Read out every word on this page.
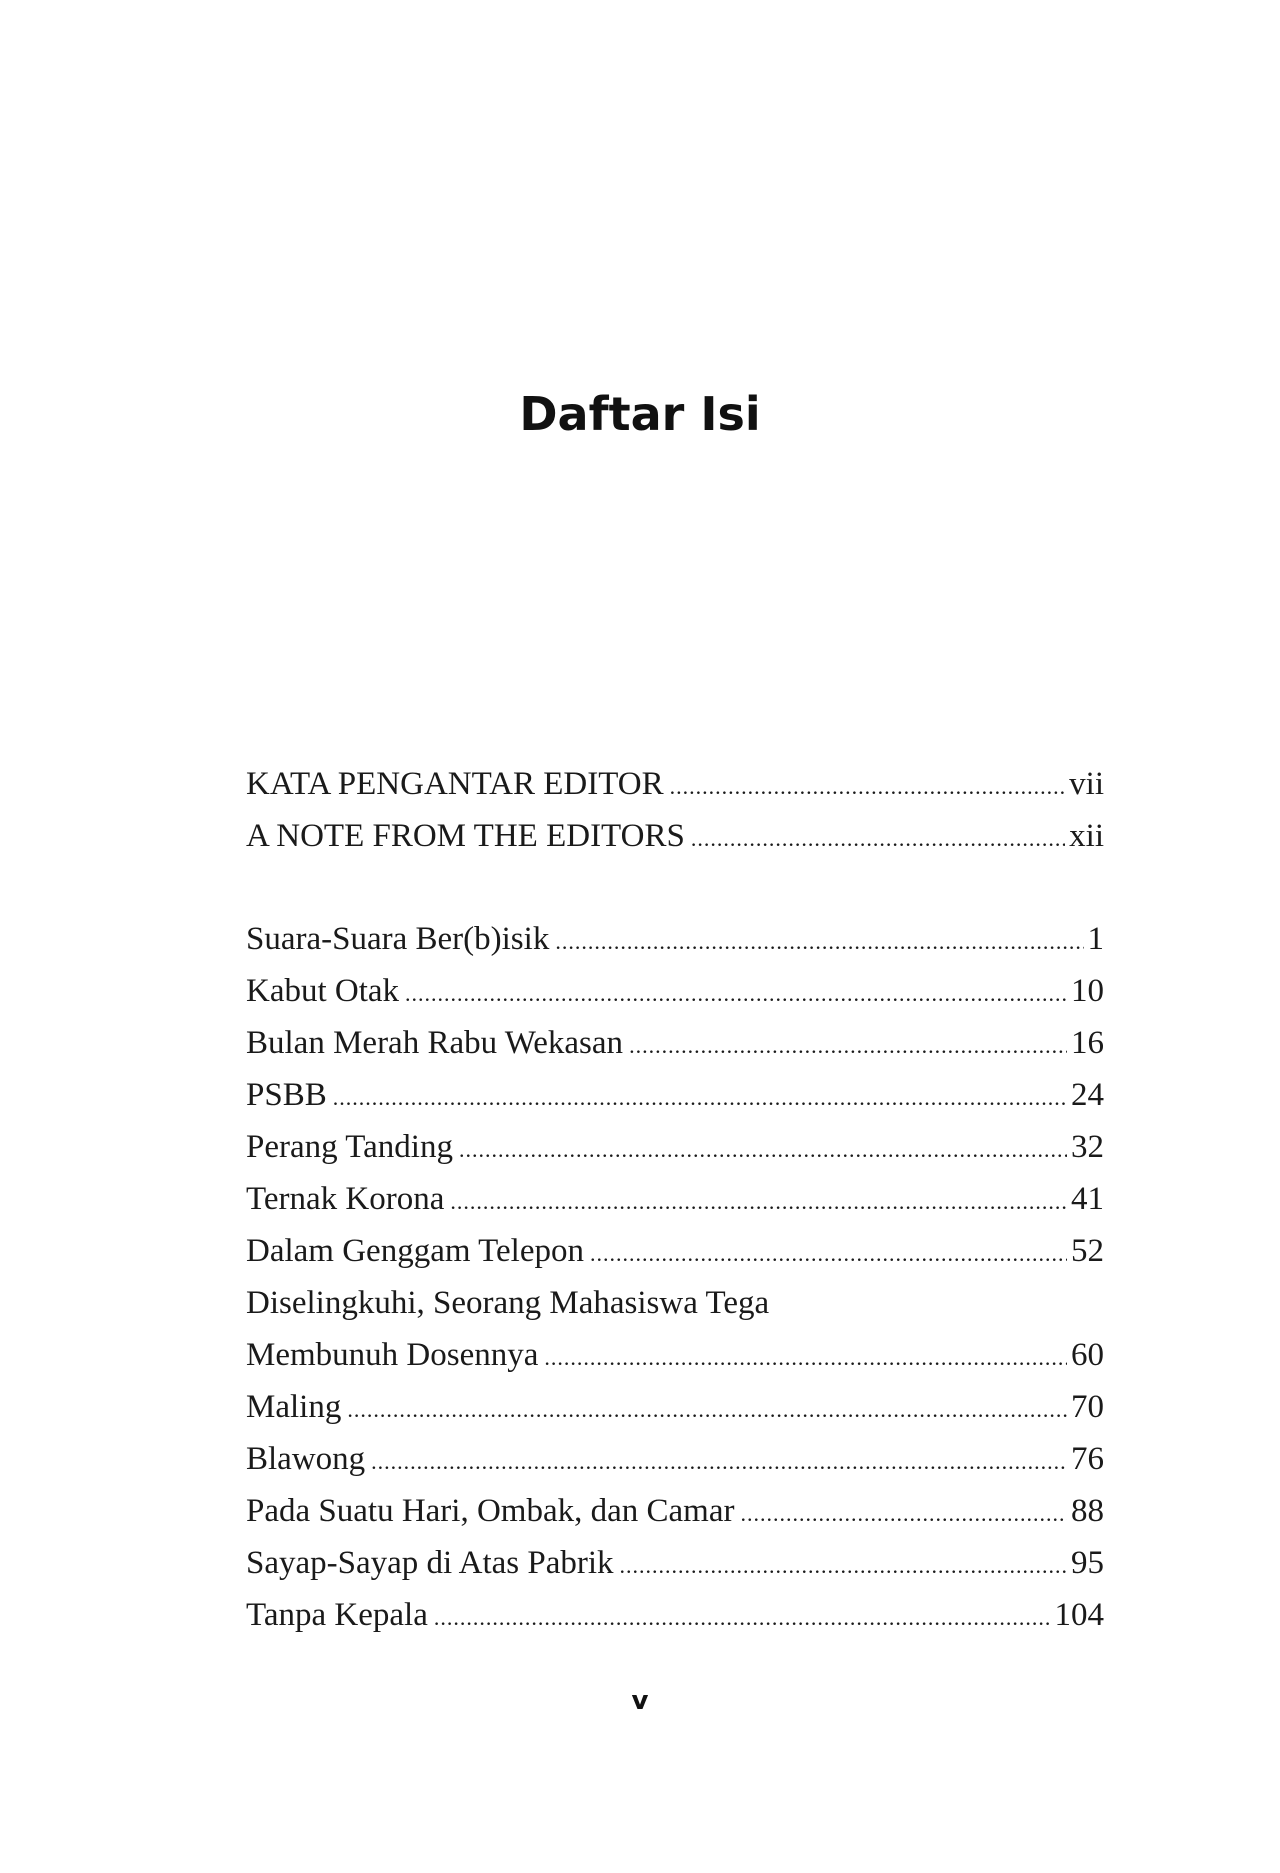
Daftar Isi
KATA PENGANTAR EDITOR .....	vii
A NOTE FROM THE EDITORS .....	xii
Suara-Suara Ber(b)isik .....	1
Kabut Otak .....	10
Bulan Merah Rabu Wekasan .....	16
PSBB .....	24
Perang Tanding .....	32
Ternak Korona .....	41
Dalam Genggam Telepon .....	52
Diselingkuhi, Seorang Mahasiswa Tega
Membunuh Dosennya .....	60
Maling .....	70
Blawong .....	76
Pada Suatu Hari, Ombak, dan Camar .....	88
Sayap-Sayap di Atas Pabrik .....	95
Tanpa Kepala .....	104
v
